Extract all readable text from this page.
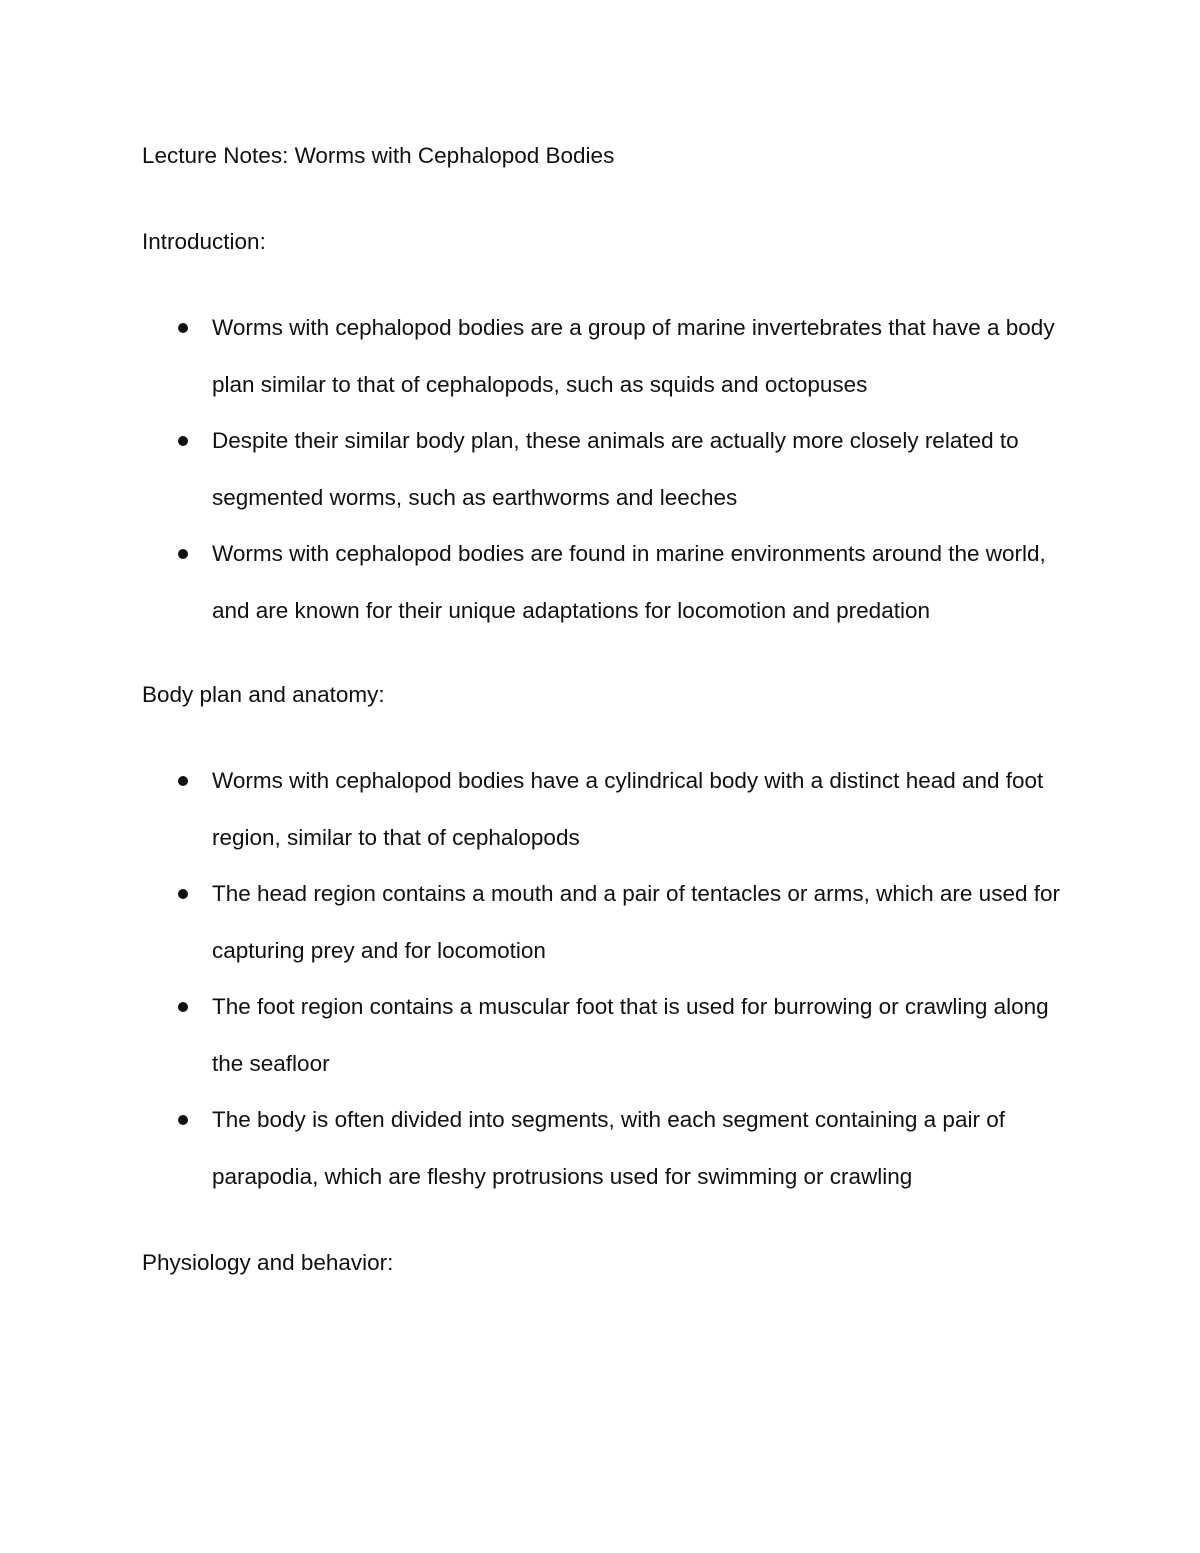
Lecture Notes: Worms with Cephalopod Bodies
Introduction:
Worms with cephalopod bodies are a group of marine invertebrates that have a body plan similar to that of cephalopods, such as squids and octopuses
Despite their similar body plan, these animals are actually more closely related to segmented worms, such as earthworms and leeches
Worms with cephalopod bodies are found in marine environments around the world, and are known for their unique adaptations for locomotion and predation
Body plan and anatomy:
Worms with cephalopod bodies have a cylindrical body with a distinct head and foot region, similar to that of cephalopods
The head region contains a mouth and a pair of tentacles or arms, which are used for capturing prey and for locomotion
The foot region contains a muscular foot that is used for burrowing or crawling along the seafloor
The body is often divided into segments, with each segment containing a pair of parapodia, which are fleshy protrusions used for swimming or crawling
Physiology and behavior:
